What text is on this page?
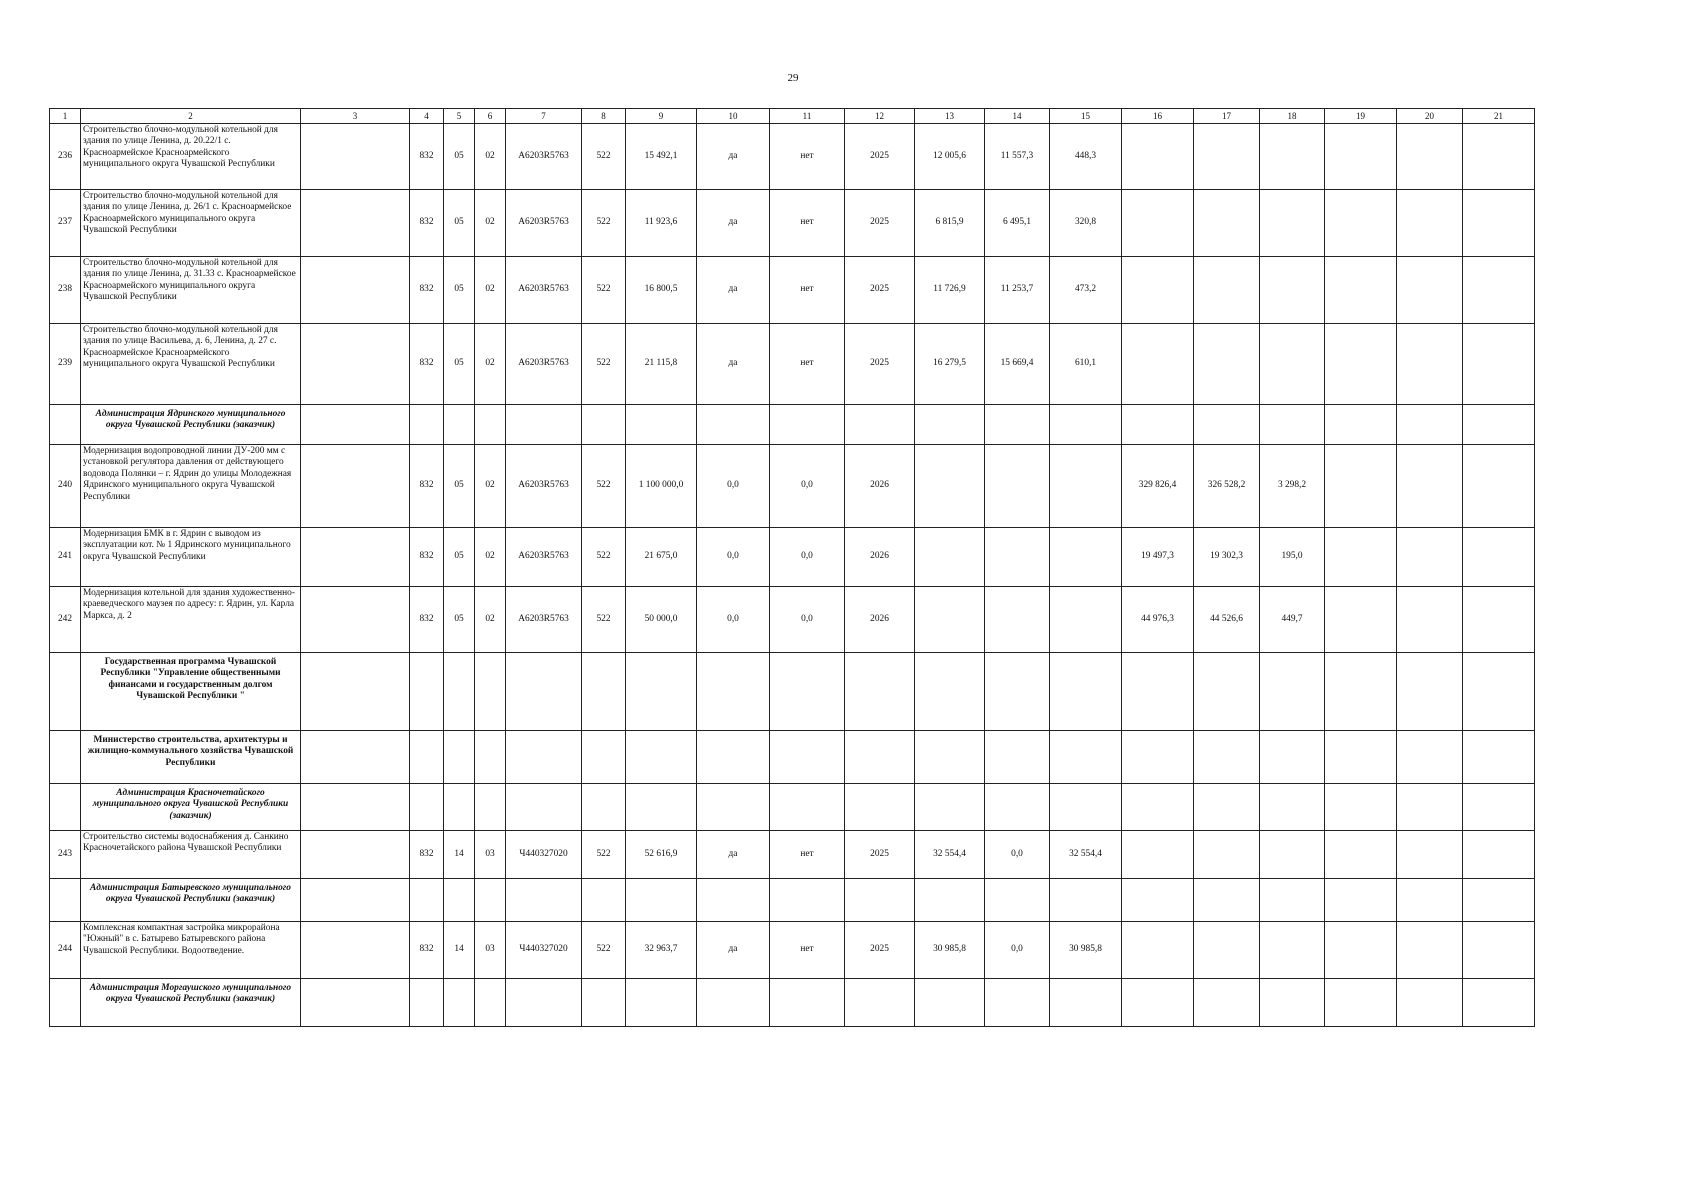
29
1	2	3	4	5	6	7	8	9	10	11	12	13	14	15	16	17	18	19	20	21
236	Строительство блочно-модульной котельной для здания по улице Ленина, д. 20.22/1 с. Красноармейское Красноармейского муниципального округа Чувашской Республики		832	05	02	А6203R5763	522	15 492,1	да	нет	2025	12 005,6	11 557,3	448,3						
237	Строительство блочно-модульной котельной для здания по улице Ленина, д. 26/1 с. Красноармейское Красноармейского муниципального округа Чувашской Республики		832	05	02	А6203R5763	522	11 923,6	да	нет	2025	6 815,9	6 495,1	320,8						
238	Строительство блочно-модульной котельной для здания по улице Ленина, д. 31.33 с. Красноармейское Красноармейского муниципального округа Чувашской Республики		832	05	02	А6203R5763	522	16 800,5	да	нет	2025	11 726,9	11 253,7	473,2						
239	Строительство блочно-модульной котельной для здания по улице Васильева, д. 6, Ленина, д. 27 с. Красноармейское Красноармейского муниципального округа Чувашской Республики		832	05	02	А6203R5763	522	21 115,8	да	нет	2025	16 279,5	15 669,4	610,1						
	Администрация Ядринского муниципального округа Чувашской Республики (заказчик)																			
240	Модернизация водопроводной линии ДУ-200 мм с установкой регулятора давления от действующего водовода Полянки – г. Ядрин до улицы Молодежная Ядринского муниципального округа Чувашской Республики		832	05	02	А6203R5763	522	1 100 000,0	0,0	0,0	2026				329 826,4	326 528,2	3 298,2			
241	Модернизация БМК в г. Ядрин с выводом из эксплуатации кот. № 1 Ядринского муниципального округа Чувашской Республики		832	05	02	А6203R5763	522	21 675,0	0,0	0,0	2026				19 497,3	19 302,3	195,0			
242	Модернизация котельной для здания художественно-краеведческого маузея по адресу: г. Ядрин, ул. Карла Маркса, д. 2		832	05	02	А6203R5763	522	50 000,0	0,0	0,0	2026				44 976,3	44 526,6	449,7			
	Государственная программа Чувашской Республики "Управление общественными финансами и государственным долгом Чувашской Республики "																			
	Министерство строительства, архитектуры и жилищно-коммунального хозяйства Чувашской Республики																			
	Администрация Красночетайского муниципального округа Чувашской Республики (заказчик)																			
243	Строительство системы водоснабжения д. Санкино Красночетайского района Чувашской Республики		832	14	03	Ч440327020	522	52 616,9	да	нет	2025	32 554,4	0,0	32 554,4						
	Администрация Батыревского муниципального округа Чувашской Республики (заказчик)																			
244	Комплексная компактная застройка микрорайона "Южный" в с. Батырево Батыревского района Чувашской Республики. Водоотведение.		832	14	03	Ч440327020	522	32 963,7	да	нет	2025	30 985,8	0,0	30 985,8						
	Администрация Моргаушского муниципального округа Чувашской Республики (заказчик)																			
